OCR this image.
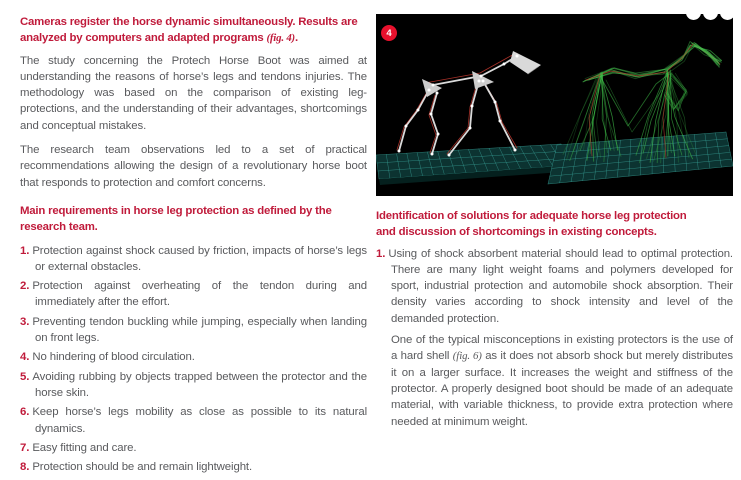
Cameras register the horse dynamic simultaneously. Results are analyzed by computers and adapted programs (fig. 4).

The study concerning the Protech Horse Boot was aimed at understanding the reasons of horse’s legs and tendons injuries. The methodology was based on the comparison of existing leg-protections, and the understanding of their advantages, shortcomings and conceptual mistakes.

The research team observations led to a set of practical recommendations allowing the design of a revolutionary horse boot that responds to protection and comfort concerns.

Main requirements in horse leg protection as defined by the research team.

1. Protection against shock caused by friction, impacts of horse’s legs or external obstacles.

2. Protection against overheating of the tendon during and immediately after the effort.

3. Preventing tendon buckling while jumping, especially when landing on front legs.

4. No hindering of blood circulation.

5. Avoiding rubbing by objects trapped between the protector and the horse skin.

6. Keep horse’s legs mobility as close as possible to its natural dynamics.

7. Easy fitting and care.

8. Protection should be and remain lightweight.

4
Identification of solutions for adequate horse leg protection and discussion of shortcomings in existing concepts.

1. Using of shock absorbent material should lead to optimal protection. There are many light weight foams and polymers developed for sport, industrial protection and automobile shock absorption. Their density varies according to shock intensity and level of the demanded protection.

One of the typical misconceptions in existing protectors is the use of a hard shell (fig. 6) as it does not absorb shock but merely distributes it on a larger surface. It increases the weight and stiffness of the protector. A properly designed boot should be made of an adequate material, with variable thickness, to provide extra protection where needed at minimum weight.
